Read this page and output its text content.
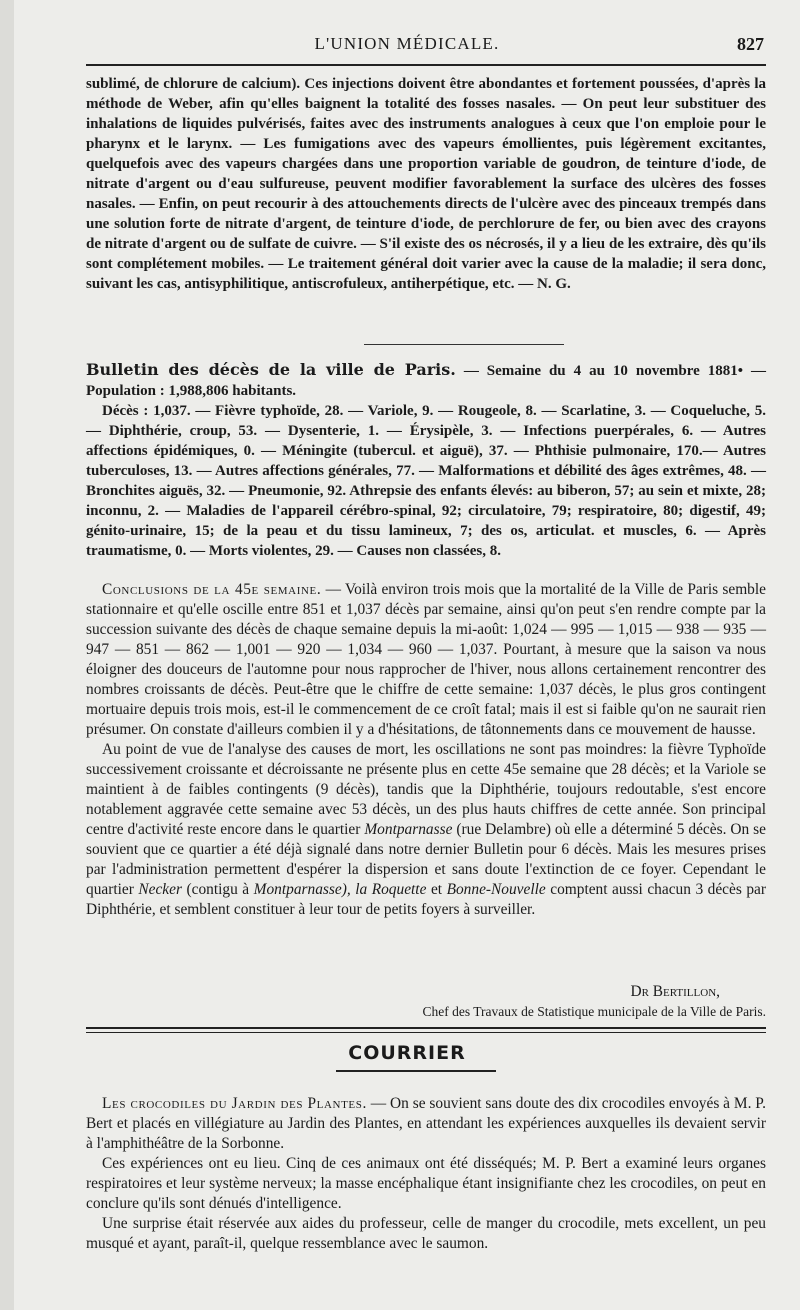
L'UNION MÉDICALE.	827

sublimé, de chlorure de calcium). Ces injections doivent être abondantes et fortement poussées, d'après la méthode de Weber, afin qu'elles baignent la totalité des fosses nasales. — On peut leur substituer des inhalations de liquides pulvérisés, faites avec des instruments analogues à ceux que l'on emploie pour le pharynx et le larynx. — Les fumigations avec des vapeurs émollientes, puis légèrement excitantes, quelquefois avec des vapeurs chargées dans une proportion variable de goudron, de teinture d'iode, de nitrate d'argent ou d'eau sulfureuse, peuvent modifier favorablement la surface des ulcères des fosses nasales. — Enfin, on peut recourir à des attouchements directs de l'ulcère avec des pinceaux trempés dans une solution forte de nitrate d'argent, de teinture d'iode, de perchlorure de fer, ou bien avec des crayons de nitrate d'argent ou de sulfate de cuivre. — S'il existe des os nécrosés, il y a lieu de les extraire, dès qu'ils sont complétement mobiles. — Le traitement général doit varier avec la cause de la maladie; il sera donc, suivant les cas, antisyphilitique, antiscrofuleux, antiherpétique, etc. — N. G.

Bulletin des décès de la ville de Paris. — Semaine du 4 au 10 novembre 1881• — Population : 1,988,806 habitants.

Décès : 1,037. — Fièvre typhoïde, 28. — Variole, 9. — Rougeole, 8. — Scarlatine, 3. — Coqueluche, 5. — Diphthérie, croup, 53. — Dysenterie, 1. — Érysipèle, 3. — Infections puerpérales, 6. — Autres affections épidémiques, 0. — Méningite (tubercul. et aiguë), 37. — Phthisie pulmonaire, 170.— Autres tuberculoses, 13. — Autres affections générales, 77. — Malformations et débilité des âges extrêmes, 48. — Bronchites aiguës, 32. — Pneumonie, 92. Athrepsie des enfants élevés: au biberon, 57; au sein et mixte, 28; inconnu, 2. — Maladies de l'appareil cérébro-spinal, 92; circulatoire, 79; respiratoire, 80; digestif, 49; génito-urinaire, 15; de la peau et du tissu lamineux, 7; des os, articulat. et muscles, 6. — Après traumatisme, 0. — Morts violentes, 29. — Causes non classées, 8.

Conclusions de la 45e semaine. — Voilà environ trois mois que la mortalité de la Ville de Paris semble stationnaire et qu'elle oscille entre 851 et 1,037 décès par semaine, ainsi qu'on peut s'en rendre compte par la succession suivante des décès de chaque semaine depuis la mi-août: 1,024 — 995 — 1,015 — 938 — 935 — 947 — 851 — 862 — 1,001 — 920 — 1,034 — 960 — 1,037. Pourtant, à mesure que la saison va nous éloigner des douceurs de l'automne pour nous rapprocher de l'hiver, nous allons certainement rencontrer des nombres croissants de décès. Peut-être que le chiffre de cette semaine: 1,037 décès, le plus gros contingent mortuaire depuis trois mois, est-il le commencement de ce croît fatal; mais il est si faible qu'on ne saurait rien présumer. On constate d'ailleurs combien il y a d'hésitations, de tâtonnements dans ce mouvement de hausse.

Au point de vue de l'analyse des causes de mort, les oscillations ne sont pas moindres: la fièvre Typhoïde successivement croissante et décroissante ne présente plus en cette 45e semaine que 28 décès; et la Variole se maintient à de faibles contingents (9 décès), tandis que la Diphthérie, toujours redoutable, s'est encore notablement aggravée cette semaine avec 53 décès, un des plus hauts chiffres de cette année. Son principal centre d'activité reste encore dans le quartier Montparnasse (rue Delambre) où elle a déterminé 5 décès. On se souvient que ce quartier a été déjà signalé dans notre dernier Bulletin pour 6 décès. Mais les mesures prises par l'administration permettent d'espérer la dispersion et sans doute l'extinction de ce foyer. Cependant le quartier Necker (contigu à Montparnasse), la Roquette et Bonne-Nouvelle comptent aussi chacun 3 décès par Diphthérie, et semblent constituer à leur tour de petits foyers à surveiller.

Dr Bertillon,
Chef des Travaux de Statistique municipale de la Ville de Paris.
COURRIER

Les crocodiles du Jardin des Plantes. — On se souvient sans doute des dix crocodiles envoyés à M. P. Bert et placés en villégiature au Jardin des Plantes, en attendant les expériences auxquelles ils devaient servir à l'amphithéâtre de la Sorbonne.

Ces expériences ont eu lieu. Cinq de ces animaux ont été disséqués; M. P. Bert a examiné leurs organes respiratoires et leur système nerveux; la masse encéphalique étant insignifiante chez les crocodiles, on peut en conclure qu'ils sont dénués d'intelligence.

Une surprise était réservée aux aides du professeur, celle de manger du crocodile, mets excellent, un peu musqué et ayant, paraît-il, quelque ressemblance avec le saumon.
